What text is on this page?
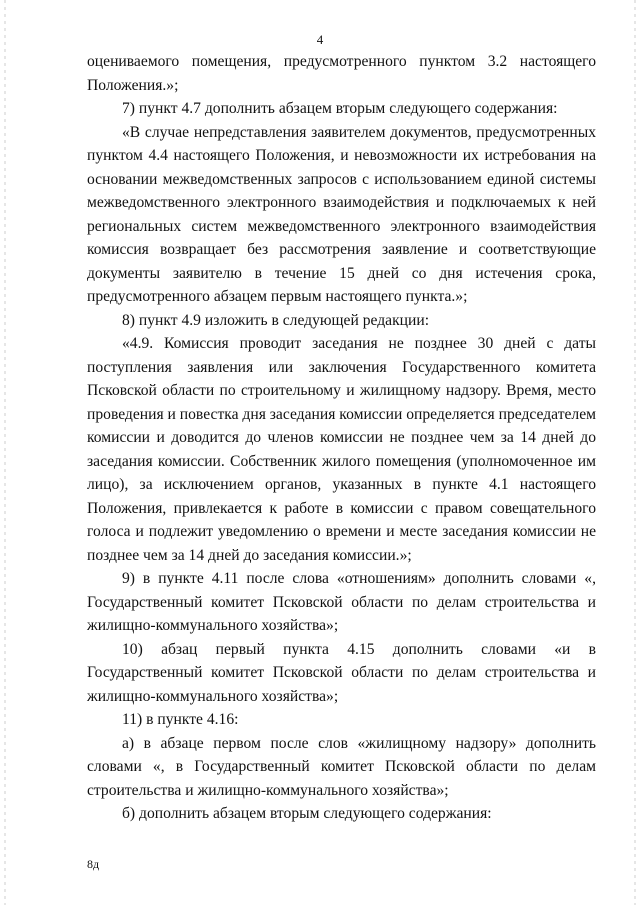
4

оцениваемого помещения, предусмотренного пунктом 3.2 настоящего Положения.»;

7) пункт 4.7 дополнить абзацем вторым следующего содержания:

«В случае непредставления заявителем документов, предусмотренных пунктом 4.4 настоящего Положения, и невозможности их истребования на основании межведомственных запросов с использованием единой системы межведомственного электронного взаимодействия и подключаемых к ней региональных систем межведомственного электронного взаимодействия комиссия возвращает без рассмотрения заявление и соответствующие документы заявителю в течение 15 дней со дня истечения срока, предусмотренного абзацем первым настоящего пункта.»;

8) пункт 4.9 изложить в следующей редакции:

«4.9. Комиссия проводит заседания не позднее 30 дней с даты поступления заявления или заключения Государственного комитета Псковской области по строительному и жилищному надзору. Время, место проведения и повестка дня заседания комиссии определяется председателем комиссии и доводится до членов комиссии не позднее чем за 14 дней до заседания комиссии. Собственник жилого помещения (уполномоченное им лицо), за исключением органов, указанных в пункте 4.1 настоящего Положения, привлекается к работе в комиссии с правом совещательного голоса и подлежит уведомлению о времени и месте заседания комиссии не позднее чем за 14 дней до заседания комиссии.»;

9) в пункте 4.11 после слова «отношениям» дополнить словами «, Государственный комитет Псковской области по делам строительства и жилищно-коммунального хозяйства»;

10) абзац первый пункта 4.15 дополнить словами «и в Государственный комитет Псковской области по делам строительства и жилищно-коммунального хозяйства»;

11) в пункте 4.16:

а) в абзаце первом после слов «жилищному надзору» дополнить словами «, в Государственный комитет Псковской области по делам строительства и жилищно-коммунального хозяйства»;

б) дополнить абзацем вторым следующего содержания:

8д
